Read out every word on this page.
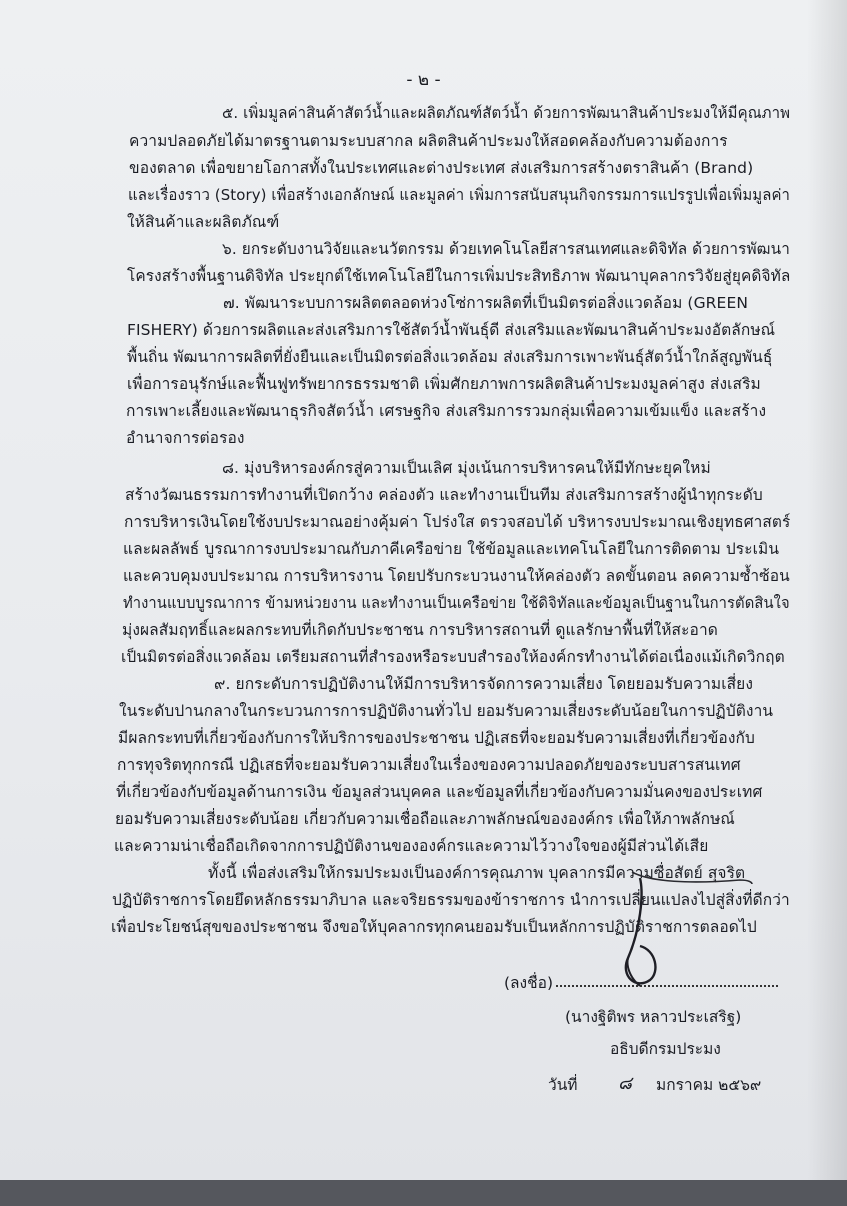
- ๒ -
๕. เพิ่มมูลค่าสินค้าสัตว์น้ำและผลิตภัณฑ์สัตว์น้ำ ด้วยการพัฒนาสินค้าประมงให้มีคุณภาพ
ความปลอดภัยได้มาตรฐานตามระบบสากล ผลิตสินค้าประมงให้สอดคล้องกับความต้องการ
ของตลาด เพื่อขยายโอกาสทั้งในประเทศและต่างประเทศ ส่งเสริมการสร้างตราสินค้า (Brand)
และเรื่องราว (Story) เพื่อสร้างเอกลักษณ์ และมูลค่า เพิ่มการสนับสนุนกิจกรรมการแปรรูปเพื่อเพิ่มมูลค่า
ให้สินค้าและผลิตภัณฑ์
๖. ยกระดับงานวิจัยและนวัตกรรม ด้วยเทคโนโลยีสารสนเทศและดิจิทัล ด้วยการพัฒนา
โครงสร้างพื้นฐานดิจิทัล ประยุกต์ใช้เทคโนโลยีในการเพิ่มประสิทธิภาพ พัฒนาบุคลากรวิจัยสู่ยุคดิจิทัล
๗. พัฒนาระบบการผลิตตลอดห่วงโซ่การผลิตที่เป็นมิตรต่อสิ่งแวดล้อม (GREEN
FISHERY) ด้วยการผลิตและส่งเสริมการใช้สัตว์น้ำพันธุ์ดี ส่งเสริมและพัฒนาสินค้าประมงอัตลักษณ์
พื้นถิ่น พัฒนาการผลิตที่ยั่งยืนและเป็นมิตรต่อสิ่งแวดล้อม ส่งเสริมการเพาะพันธุ์สัตว์น้ำใกล้สูญพันธุ์
เพื่อการอนุรักษ์และฟื้นฟูทรัพยากรธรรมชาติ เพิ่มศักยภาพการผลิตสินค้าประมงมูลค่าสูง ส่งเสริม
การเพาะเลี้ยงและพัฒนาธุรกิจสัตว์น้ำ เศรษฐกิจ ส่งเสริมการรวมกลุ่มเพื่อความเข้มแข็ง และสร้าง
อำนาจการต่อรอง
๘. มุ่งบริหารองค์กรสู่ความเป็นเลิศ มุ่งเน้นการบริหารคนให้มีทักษะยุคใหม่
สร้างวัฒนธรรมการทำงานที่เปิดกว้าง คล่องตัว และทำงานเป็นทีม ส่งเสริมการสร้างผู้นำทุกระดับ
การบริหารเงินโดยใช้งบประมาณอย่างคุ้มค่า โปร่งใส ตรวจสอบได้ บริหารงบประมาณเชิงยุทธศาสตร์
และผลลัพธ์ บูรณาการงบประมาณกับภาคีเครือข่าย ใช้ข้อมูลและเทคโนโลยีในการติดตาม ประเมิน
และควบคุมงบประมาณ การบริหารงาน โดยปรับกระบวนงานให้คล่องตัว ลดขั้นตอน ลดความซ้ำซ้อน
ทำงานแบบบูรณาการ ข้ามหน่วยงาน และทำงานเป็นเครือข่าย ใช้ดิจิทัลและข้อมูลเป็นฐานในการตัดสินใจ
มุ่งผลสัมฤทธิ์และผลกระทบที่เกิดกับประชาชน การบริหารสถานที่ ดูแลรักษาพื้นที่ให้สะอาด
เป็นมิตรต่อสิ่งแวดล้อม เตรียมสถานที่สำรองหรือระบบสำรองให้องค์กรทำงานได้ต่อเนื่องแม้เกิดวิกฤต
๙. ยกระดับการปฏิบัติงานให้มีการบริหารจัดการความเสี่ยง โดยยอมรับความเสี่ยง
ในระดับปานกลางในกระบวนการการปฏิบัติงานทั่วไป ยอมรับความเสี่ยงระดับน้อยในการปฏิบัติงาน
มีผลกระทบที่เกี่ยวข้องกับการให้บริการของประชาชน ปฏิเสธที่จะยอมรับความเสี่ยงที่เกี่ยวข้องกับ
การทุจริตทุกกรณี ปฏิเสธที่จะยอมรับความเสี่ยงในเรื่องของความปลอดภัยของระบบสารสนเทศ
ที่เกี่ยวข้องกับข้อมูลด้านการเงิน ข้อมูลส่วนบุคคล และข้อมูลที่เกี่ยวข้องกับความมั่นคงของประเทศ
ยอมรับความเสี่ยงระดับน้อย เกี่ยวกับความเชื่อถือและภาพลักษณ์ขององค์กร เพื่อให้ภาพลักษณ์
และความน่าเชื่อถือเกิดจากการปฏิบัติงานขององค์กรและความไว้วางใจของผู้มีส่วนได้เสีย
ทั้งนี้ เพื่อส่งเสริมให้กรมประมงเป็นองค์การคุณภาพ บุคลากรมีความซื่อสัตย์ สุจริต
ปฏิบัติราชการโดยยึดหลักธรรมาภิบาล และจริยธรรมของข้าราชการ นำการเปลี่ยนแปลงไปสู่สิ่งที่ดีกว่า
เพื่อประโยชน์สุขของประชาชน จึงขอให้บุคลากรทุกคนยอมรับเป็นหลักการปฏิบัติราชการตลอดไป
(ลงชื่อ)
(นางฐิติพร หลาวประเสริฐ)
อธิบดีกรมประมง
วันที่ ๘ มกราคม ๒๕๖๙
